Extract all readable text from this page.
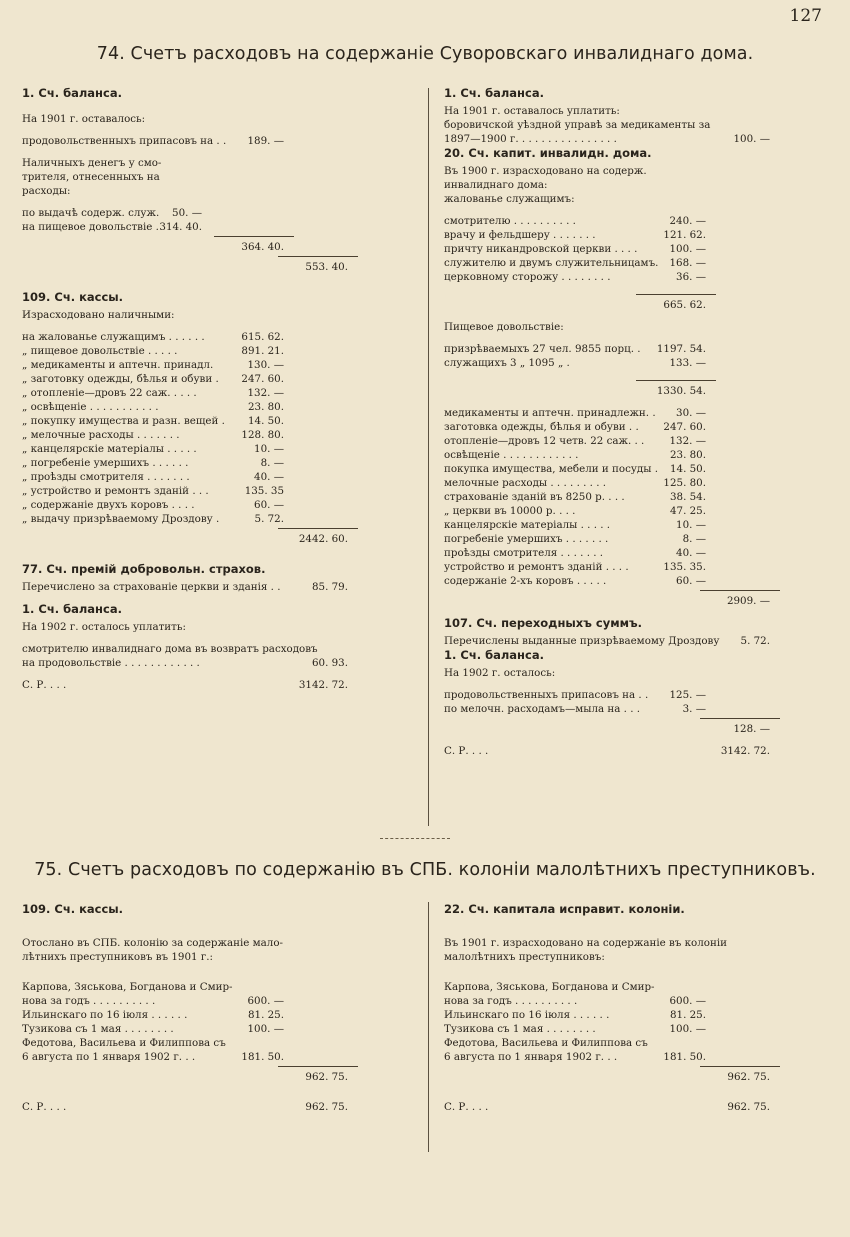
127
74. Счетъ расходовъ на содержаніе Суворовскаго инвалиднаго дома.
1. Сч. баланса.
На 1901 г. оставалось:
продовольственныхъ припасовъ на . .	189. —
Наличныхъ денегъ у смо-
трителя, отнесенныхъ на
расходы:
по выдачѣ содерж. служ.	50. —
на пищевое довольствіе . 314. 40.
364. 40.
553. 40.
109. Сч. кассы.
Израсходовано наличными:
на жалованье служащимъ . . . . . .	615. 62.
„ пищевое довольствіе . . . . .	891. 21.
„ медикаменты и аптечн. принадл.	130. —
„ заготовку одежды, бѣлья и обуви .	247. 60.
„ отопленіе—дровъ 22 саж. . . . .	132. —
„ освѣщеніе . . . . . . . . . . .	23. 80.
„ покупку имущества и разн. вещей .	14. 50.
„ мелочные расходы . . . . . . .	128. 80.
„ канцелярскіе матеріалы . . . . .	10. —
„ погребеніе умершихъ . . . . . .	8. —
„ проѣзды смотрителя . . . . . . .	40. —
„ устройство и ремонтъ зданій . . .	135. 35
„ содержаніе двухъ коровъ . . . .	60. —
„ выдачу призрѣваемому Дроздову .	5. 72.
2442. 60.
77. Сч. премій добровольн. страхов.
Перечислено за страхованіе церкви и зданія . .	85. 79.
1. Сч. баланса.
На 1902 г. осталось уплатить:
смотрителю инвалиднаго дома въ возвратъ расходовъ
на продовольствіе . . . . . . . . . . . .	60. 93.
С. Р. . . .	3142. 72.
1. Сч. баланса.
На 1901 г. оставалось уплатить:
боровичской уѣздной управѣ за медикаменты за
1897—1900 г. . . . . . . . . . . . . . . .	100. —
20. Сч. капит. инвалидн. дома.
Въ 1900 г. израсходовано на содерж.
инвалиднаго дома:
жалованье служащимъ:
смотрителю . . . . . . . . . .	240. —
врачу и фельдшеру . . . . . . .	121. 62.
причту никандровской церкви . . . .	100. —
служителю и двумъ служительницамъ.	168. —
церковному сторожу . . . . . . . .	36. —
665. 62.
Пищевое довольствіе:
призрѣваемыхъ 27 чел. 9855 порц. .	1197. 54.
служащихъ 3 „ 1095 „ .	133. —
1330. 54.
медикаменты и аптечн. принадлежн. .	30. —
заготовка одежды, бѣлья и обуви . .	247. 60.
отопленіе—дровъ 12 четв. 22 саж. . .	132. —
освѣщеніе . . . . . . . . . . . .	23. 80.
покупка имущества, мебели и посуды .	14. 50.
мелочные расходы . . . . . . . . .	125. 80.
страхованіе зданій въ 8250 р. . . .	38. 54.
„ церкви въ 10000 р. . . .	47. 25.
канцелярскіе матеріалы . . . . .	10. —
погребеніе умершихъ . . . . . . .	8. —
проѣзды смотрителя . . . . . . .	40. —
устройство и ремонтъ зданій . . . .	135. 35.
содержаніе 2-хъ коровъ . . . . .	60. —
2909. —
107. Сч. переходныхъ суммъ.
Перечислены выданные призрѣваемому Дроздову	5. 72.
1. Сч. баланса.
На 1902 г. осталось:
продовольственныхъ припасовъ на . .	125. —
по мелочн. расходамъ—мыла на . . .	3. —
128. —
С. Р. . . .	3142. 72.
75. Счетъ расходовъ по содержанію въ СПБ. колоніи малолѣтнихъ преступниковъ.
109. Сч. кассы.
Отослано въ СПБ. колонію за содержаніе мало-
лѣтнихъ преступниковъ въ 1901 г.:
Карпова, Зяськова, Богданова и Смир-
нова за годъ . . . . . . . . . .	600. —
Ильинскаго по 16 іюля . . . . . .	81. 25.
Тузикова съ 1 мая . . . . . . . .	100. —
Федотова, Васильева и Филиппова съ
6 августа по 1 января 1902 г. . .	181. 50.
962. 75.
С. Р. . . .	962. 75.
22. Сч. капитала исправит. колоніи.
Въ 1901 г. израсходовано на содержаніе въ колоніи
малолѣтнихъ преступниковъ:
Карпова, Зяськова, Богданова и Смир-
нова за годъ . . . . . . . . . .	600. —
Ильинскаго по 16 іюля . . . . . .	81. 25.
Тузикова съ 1 мая . . . . . . . .	100. —
Федотова, Васильева и Филиппова съ
6 августа по 1 января 1902 г. . .	181. 50.
962. 75.
С. Р. . . .	962. 75.
